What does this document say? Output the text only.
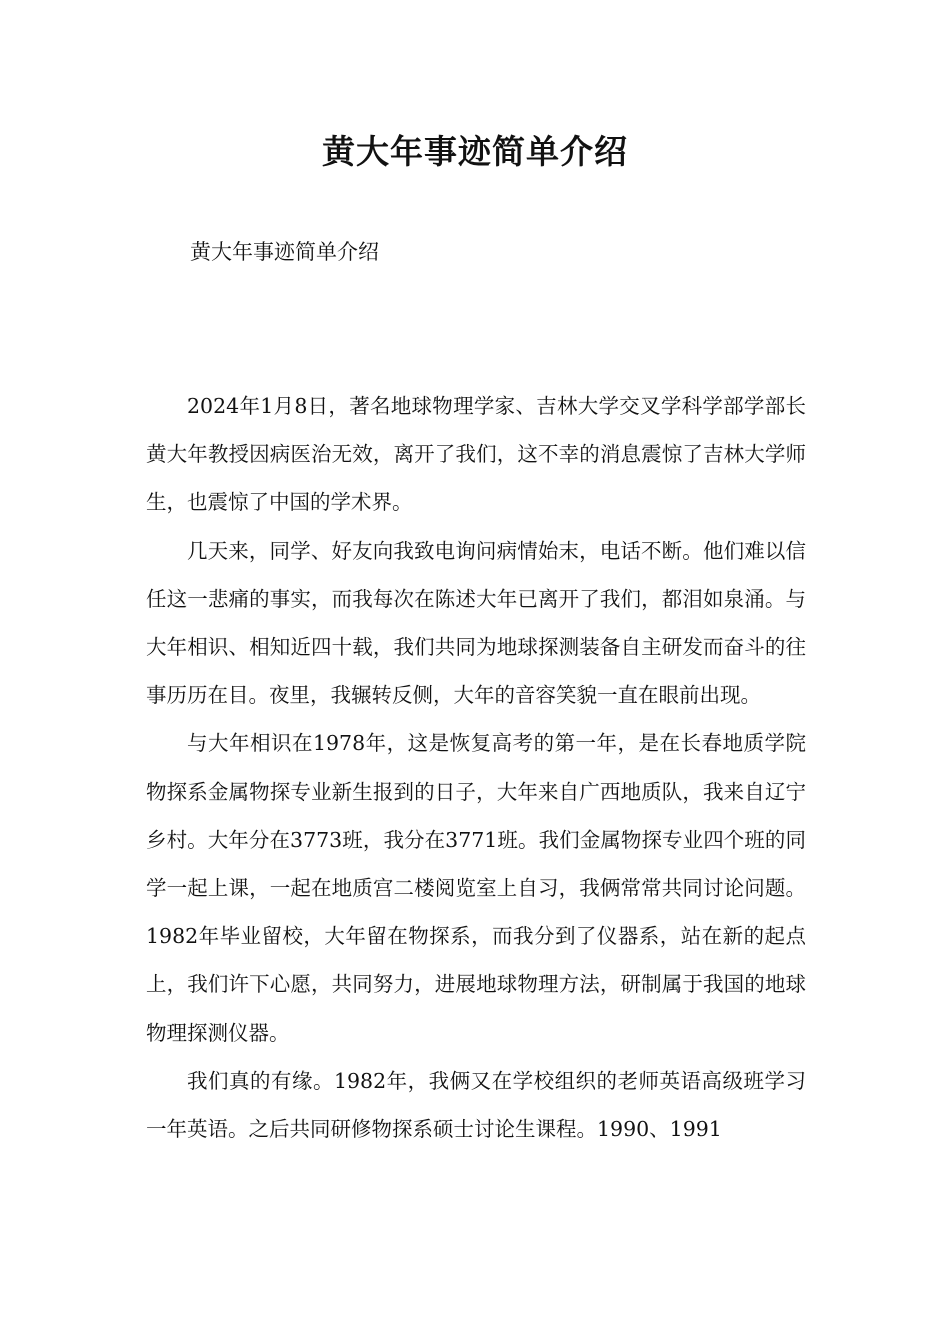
黄大年事迹简单介绍
黄大年事迹简单介绍

2024年1月8日，著名地球物理学家、吉林大学交叉学科学部学部长黄大年教授因病医治无效，离开了我们，这不幸的消息震惊了吉林大学师生，也震惊了中国的学术界。

几天来，同学、好友向我致电询问病情始末，电话不断。他们难以信任这一悲痛的事实，而我每次在陈述大年已离开了我们，都泪如泉涌。与大年相识、相知近四十载，我们共同为地球探测装备自主研发而奋斗的往事历历在目。夜里，我辗转反侧，大年的音容笑貌一直在眼前出现。

与大年相识在1978年，这是恢复高考的第一年，是在长春地质学院物探系金属物探专业新生报到的日子，大年来自广西地质队，我来自辽宁乡村。大年分在3773班，我分在3771班。我们金属物探专业四个班的同学一起上课，一起在地质宫二楼阅览室上自习，我俩常常共同讨论问题。1982年毕业留校，大年留在物探系，而我分到了仪器系，站在新的起点上，我们许下心愿，共同努力，进展地球物理方法，研制属于我国的地球物理探测仪器。

我们真的有缘。1982年，我俩又在学校组织的老师英语高级班学习一年英语。之后共同研修物探系硕士讨论生课程。1990、1991
